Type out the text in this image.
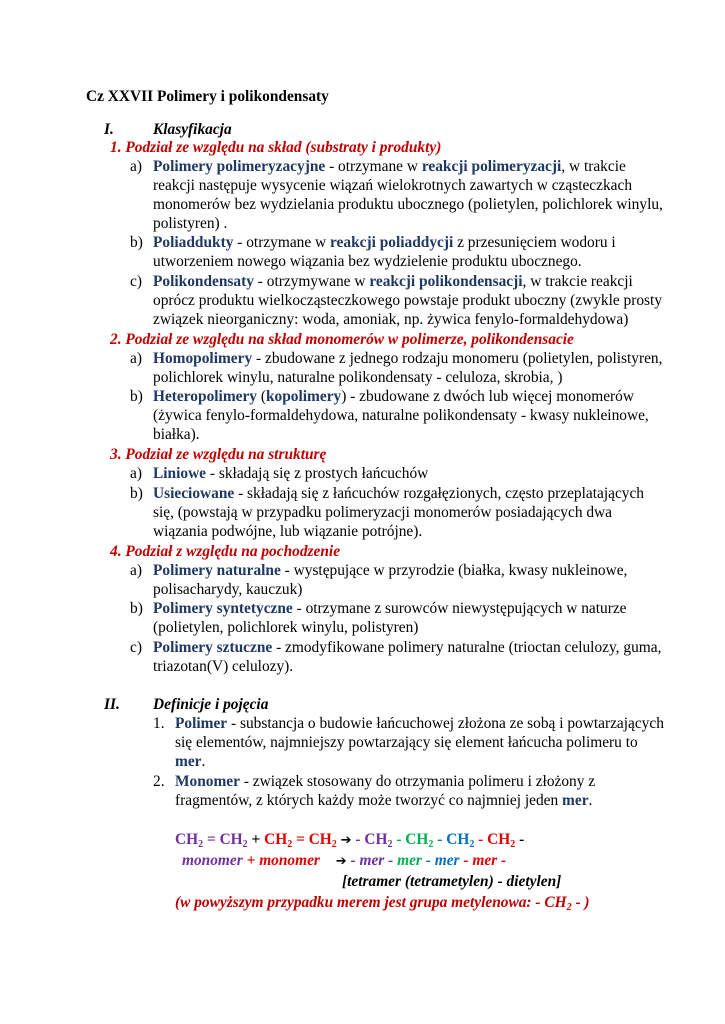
Cz XXVII Polimery i polikondensaty
I.	Klasyfikacja
1. Podział ze względu na skład (substraty i produkty)
a) Polimery polimeryzacyjne - otrzymane w reakcji polimeryzacji, w trakcie
reakcji następuje wysycenie wiązań wielokrotnych zawartych w cząsteczkach
monomerów bez wydzielania produktu ubocznego (polietylen, polichlorek winylu,
polistyren) .
b) Poliaddukty - otrzymane w reakcji poliaddycji z przesunięciem wodoru i
utworzeniem nowego wiązania bez wydzielenie produktu ubocznego.
c) Polikondensaty - otrzymywane w reakcji polikondensacji, w trakcie reakcji
oprócz produktu wielkocząsteczkowego powstaje produkt uboczny (zwykle prosty
związek nieorganiczny: woda, amoniak, np. żywica fenylo-formaldehydowa)
2. Podział ze względu na skład monomerów w polimerze, polikondensacie
a) Homopolimery - zbudowane z jednego rodzaju monomeru (polietylen, polistyren,
polichlorek winylu, naturalne polikondensaty - celuloza, skrobia, )
b) Heteropolimery (kopolimery) - zbudowane z dwóch lub więcej monomerów
(żywica fenylo-formaldehydowa, naturalne polikondensaty - kwasy nukleinowe,
białka).
3. Podział ze względu na strukturę
a) Liniowe - składają się z prostych łańcuchów
b) Usieciowane - składają się z łańcuchów rozgałęzionych, często przeplatających
się, (powstają w przypadku polimeryzacji monomerów posiadających dwa
wiązania podwójne, lub wiązanie potrójne).
4. Podział z względu na pochodzenie
a) Polimery naturalne - występujące w przyrodzie (białka, kwasy nukleinowe,
polisacharydy, kauczuk)
b) Polimery syntetyczne - otrzymane z surowców niewystępujących w naturze
(polietylen, polichlorek winylu, polistyren)
c) Polimery sztuczne - zmodyfikowane polimery naturalne (trioctan celulozy, guma,
triazotan(V) celulozy).
II. Definicje i pojęcia
1. Polimer - substancja o budowie łańcuchowej złożona ze sobą i powtarzających
się elementów, najmniejszy powtarzający się element łańcucha polimeru to
mer.
2. Monomer - związek stosowany do otrzymania polimeru i złożony z
fragmentów, z których każdy może tworzyć co najmniej jeden mer.
$CH_2 = CH_2 + CH_2 = CH_2$ ➔ - $CH_2 - CH_2 - CH_2 - CH_2$ -
monomer + monomer ➔ - mer - mer - mer - mer -
[tetramer (tetrametylen) - dietylen]
(w powyższym przypadku merem jest grupa metylenowa: - $CH_2$ - )
